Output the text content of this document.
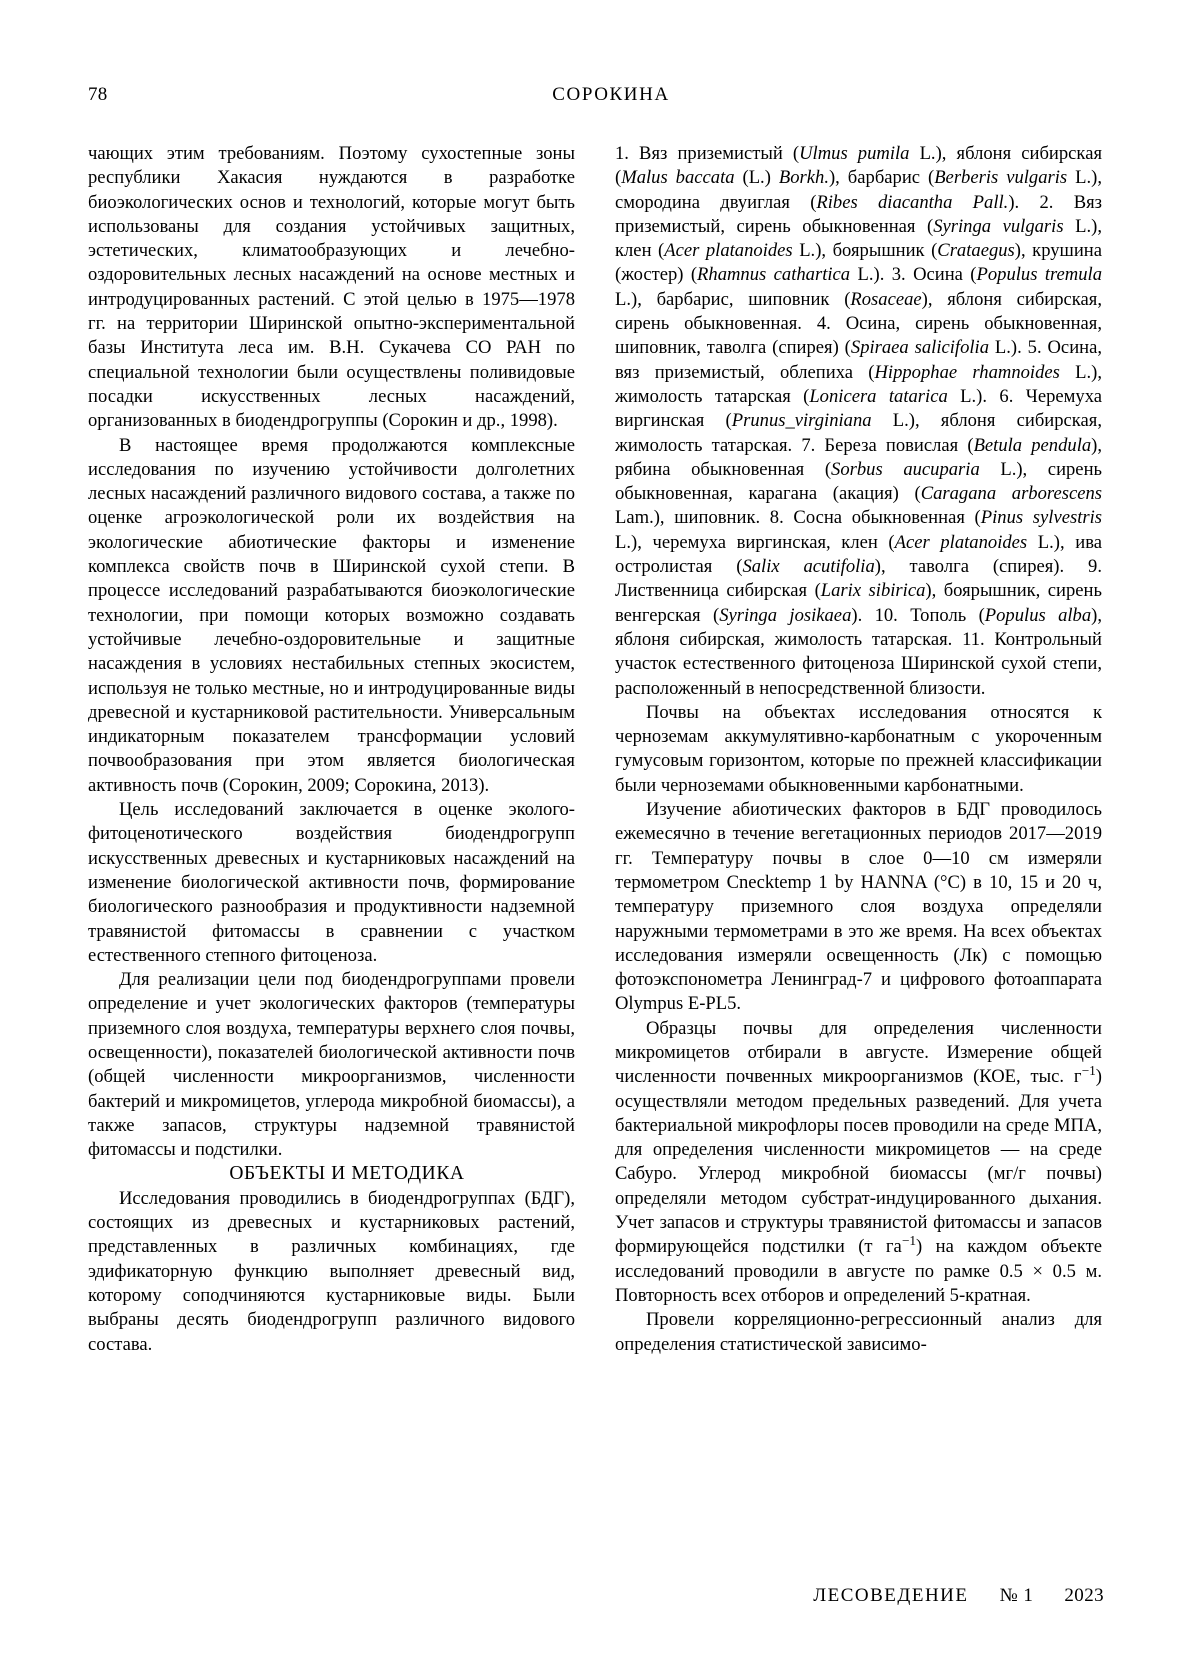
78	СОРОКИНА

чающих этим требованиям. Поэтому сухостепные зоны республики Хакасия нуждаются в разработке биоэкологических основ и технологий, которые могут быть использованы для создания устойчивых защитных, эстетических, климатообразующих и лечебно-оздоровительных лесных насаждений на основе местных и интродуцированных растений. С этой целью в 1975—1978 гг. на территории Ширинской опытно-экспериментальной базы Института леса им. В.Н. Сукачева СО РАН по специальной технологии были осуществлены поливидовые посадки искусственных лесных насаждений, организованных в биодендрогруппы (Сорокин и др., 1998).

В настоящее время продолжаются комплексные исследования по изучению устойчивости долголетних лесных насаждений различного видового состава, а также по оценке агроэкологической роли их воздействия на экологические абиотические факторы и изменение комплекса свойств почв в Ширинской сухой степи. В процессе исследований разрабатываются биоэкологические технологии, при помощи которых возможно создавать устойчивые лечебно-оздоровительные и защитные насаждения в условиях нестабильных степных экосистем, используя не только местные, но и интродуцированные виды древесной и кустарниковой растительности. Универсальным индикаторным показателем трансформации условий почвообразования при этом является биологическая активность почв (Сорокин, 2009; Сорокина, 2013).

Цель исследований заключается в оценке эколого-фитоценотического воздействия биодендрогрупп искусственных древесных и кустарниковых насаждений на изменение биологической активности почв, формирование биологического разнообразия и продуктивности надземной травянистой фитомассы в сравнении с участком естественного степного фитоценоза.

Для реализации цели под биодендрогруппами провели определение и учет экологических факторов (температуры приземного слоя воздуха, температуры верхнего слоя почвы, освещенности), показателей биологической активности почв (общей численности микроорганизмов, численности бактерий и микромицетов, углерода микробной биомассы), а также запасов, структуры надземной травянистой фитомассы и подстилки.

ОБЪЕКТЫ И МЕТОДИКА

Исследования проводились в биодендрогруппах (БДГ), состоящих из древесных и кустарниковых растений, представленных в различных комбинациях, где эдификаторную функцию выполняет древесный вид, которому соподчиняются кустарниковые виды. Были выбраны десять биодендрогрупп различного видового состава.

1. Вяз приземистый (Ulmus pumila L.), яблоня сибирская (Malus baccata (L.) Borkh.), барбарис (Berberis vulgaris L.), смородина двуиглая (Ribes diacantha Pall.). 2. Вяз приземистый, сирень обыкновенная (Syringa vulgaris L.), клен (Acer platanoides L.), боярышник (Crataegus), крушина (жостер) (Rhamnus cathartica L.). 3. Осина (Populus tremula L.), барбарис, шиповник (Rosaceae), яблоня сибирская, сирень обыкновенная. 4. Осина, сирень обыкновенная, шиповник, таволга (спирея) (Spiraea salicifolia L.). 5. Осина, вяз приземистый, облепиха (Hippophae rhamnoides L.), жимолость татарская (Lonicera tatarica L.). 6. Черемуха виргинская (Prunus_virginiana L.), яблоня сибирская, жимолость татарская. 7. Береза повислая (Betula pendula), рябина обыкновенная (Sorbus aucuparia L.), сирень обыкновенная, карагана (акация) (Caragana arborescens Lam.), шиповник. 8. Сосна обыкновенная (Pinus sylvestris L.), черемуха виргинская, клен (Acer platanoides L.), ива остролистая (Salix acutifolia), таволга (спирея). 9. Лиственница сибирская (Larix sibirica), боярышник, сирень венгерская (Syringa josikaea). 10. Тополь (Populus alba), яблоня сибирская, жимолость татарская. 11. Контрольный участок естественного фитоценоза Ширинской сухой степи, расположенный в непосредственной близости.

Почвы на объектах исследования относятся к черноземам аккумулятивно-карбонатным с укороченным гумусовым горизонтом, которые по прежней классификации были черноземами обыкновенными карбонатными.

Изучение абиотических факторов в БДГ проводилось ежемесячно в течение вегетационных периодов 2017—2019 гг. Температуру почвы в слое 0—10 см измеряли термометром Cnecktemp 1 by HANNA (°С) в 10, 15 и 20 ч, температуру приземного слоя воздуха определяли наружными термометрами в это же время. На всех объектах исследования измеряли освещенность (Лк) с помощью фотоэкспонометра Ленинград-7 и цифрового фотоаппарата Olympus E-PL5.

Образцы почвы для определения численности микромицетов отбирали в августе. Измерение общей численности почвенных микроорганизмов (КОЕ, тыс. $г^{-1}$) осуществляли методом предельных разведений. Для учета бактериальной микрофлоры посев проводили на среде МПА, для определения численности микромицетов — на среде Сабуро. Углерод микробной биомассы (мг/г почвы) определяли методом субстрат-индуцированного дыхания. Учет запасов и структуры травянистой фитомассы и запасов формирующейся подстилки (т $га^{-1}$) на каждом объекте исследований проводили в августе по рамке 0.5 × 0.5 м. Повторность всех отборов и определений 5-кратная.

Провели корреляционно-регрессионный анализ для определения статистической зависимо-

ЛЕСОВЕДЕНИЕ № 1 2023
